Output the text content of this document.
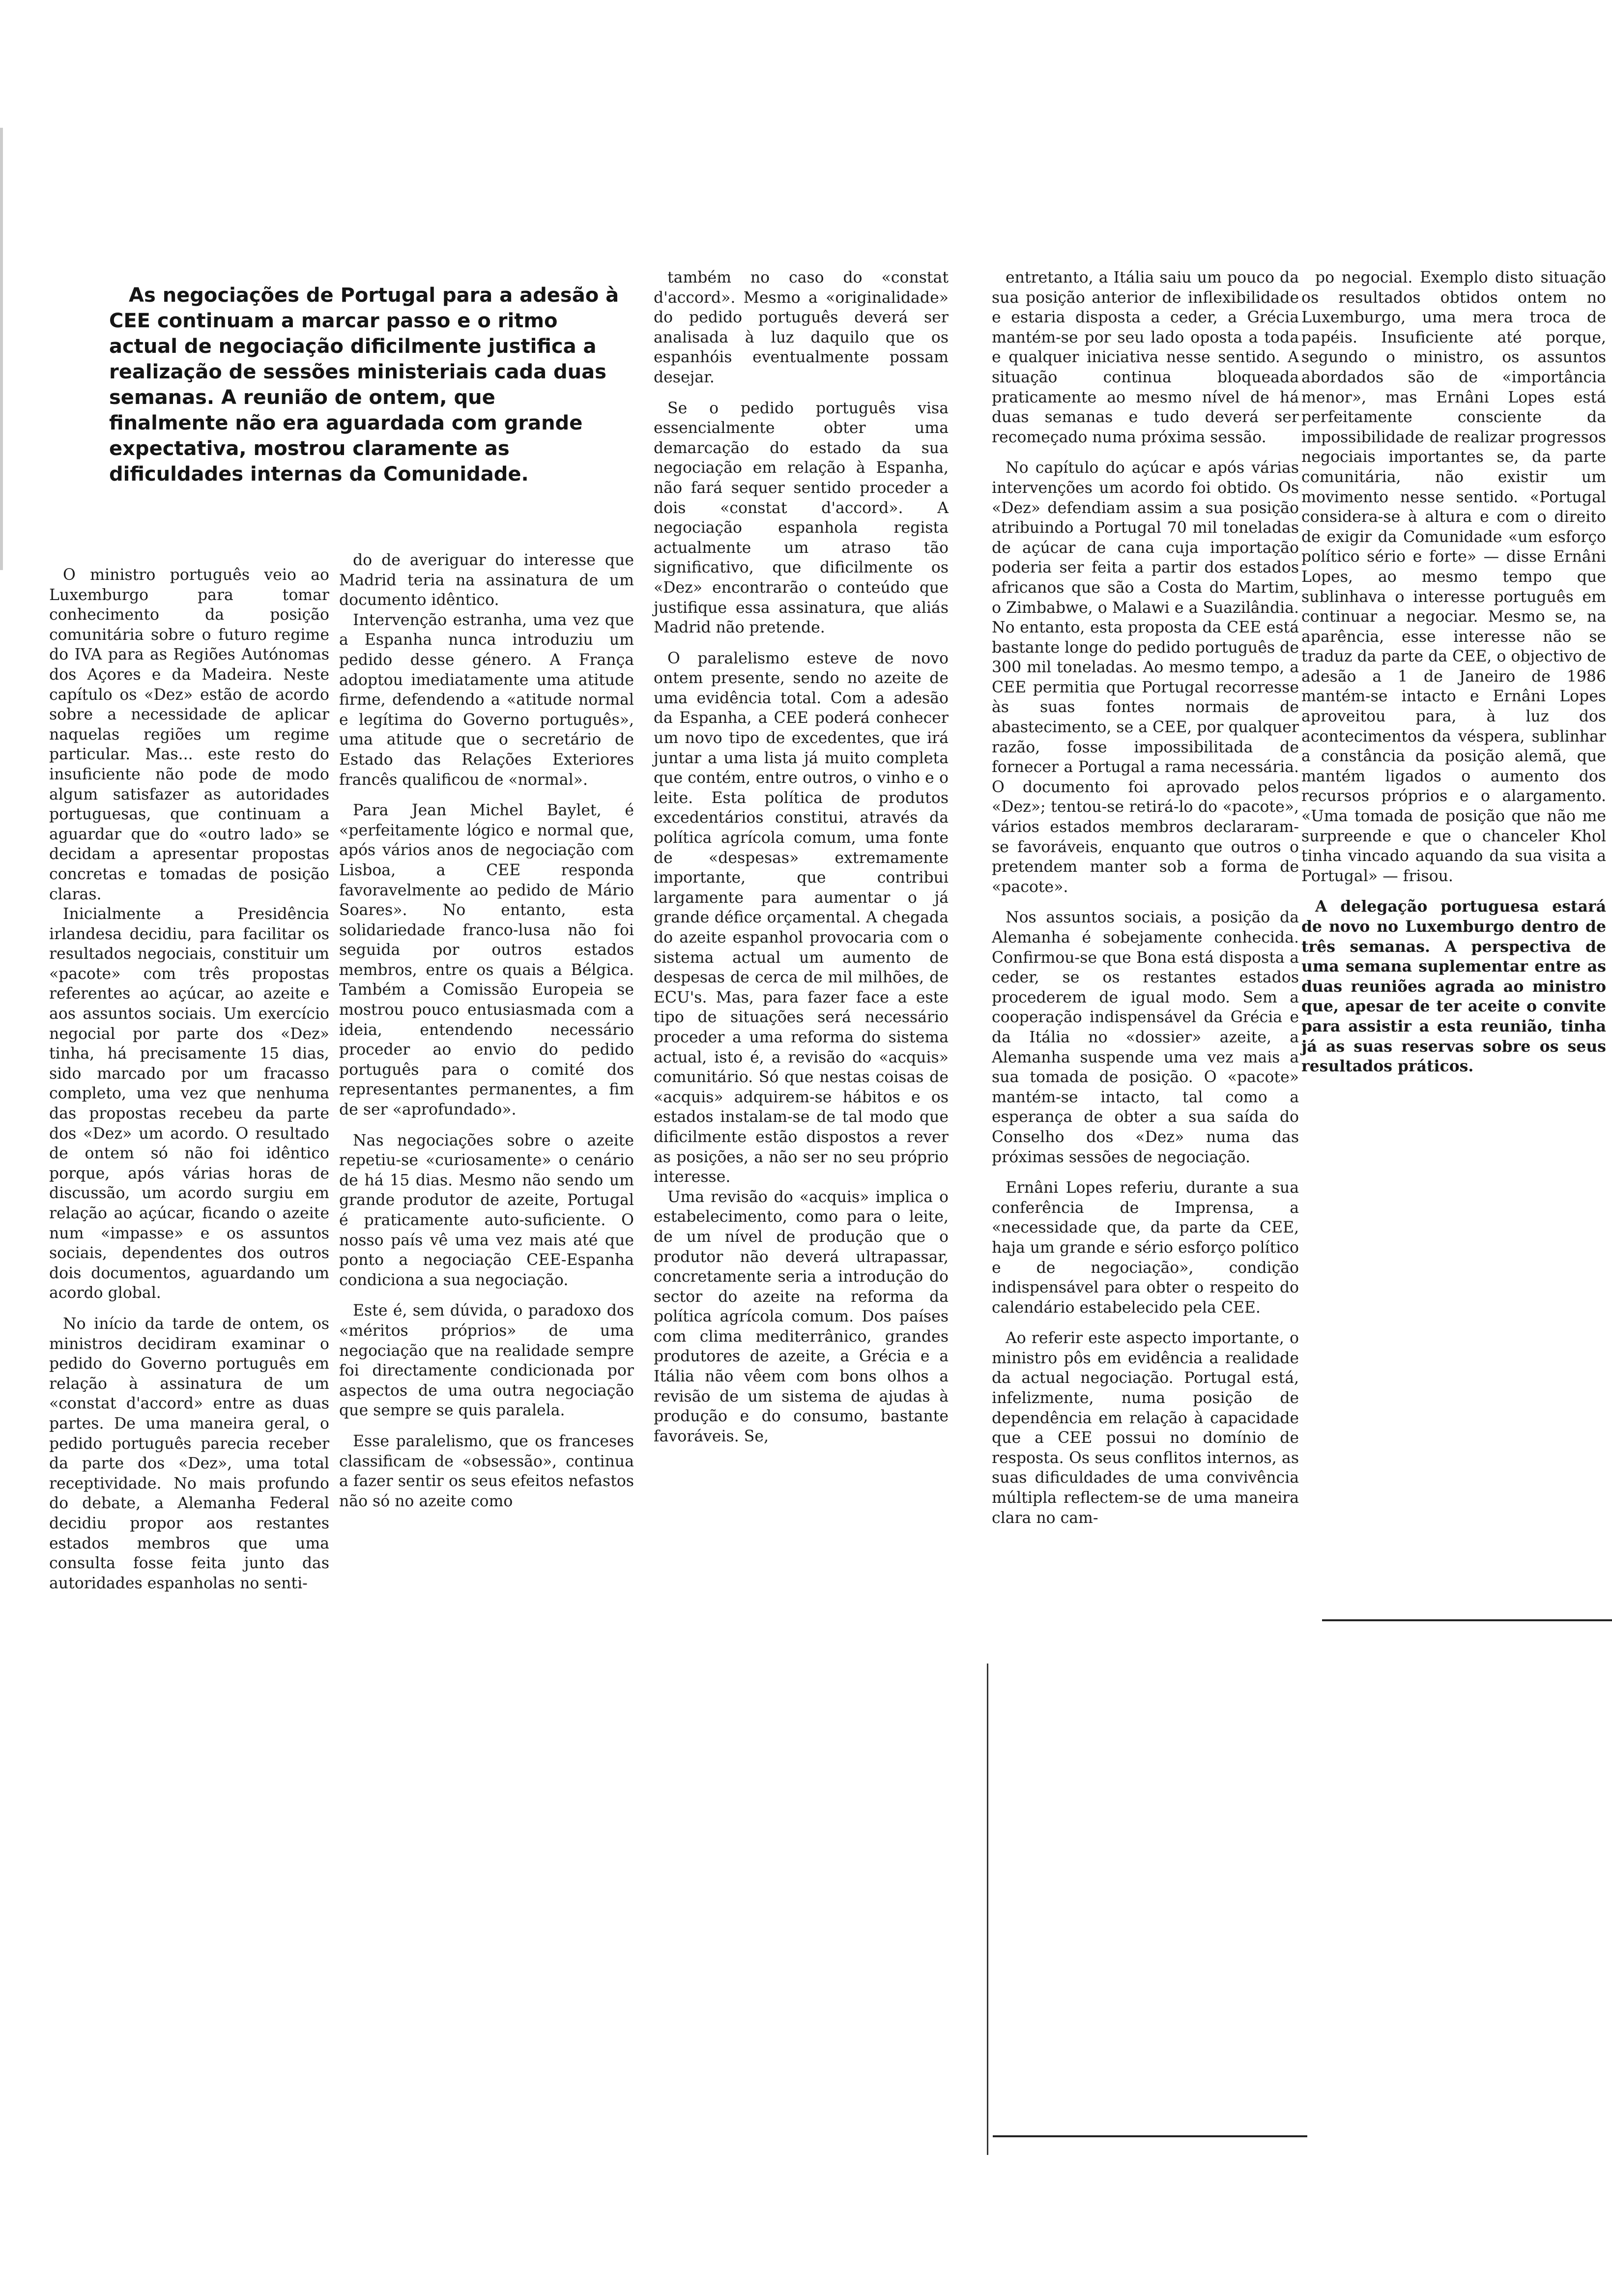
As negociações de Portugal para a adesão à CEE continuam a marcar passo e o ritmo actual de negociação dificilmente justifica a realização de sessões ministeriais cada duas semanas. A reunião de ontem, que finalmente não era aguardada com grande expectativa, mostrou claramente as dificuldades internas da Comunidade.

O ministro português veio ao Luxemburgo para tomar conhecimento da posição comunitária sobre o futuro regime do IVA para as Regiões Autónomas dos Açores e da Madeira. Neste capítulo os «Dez» estão de acordo sobre a necessidade de aplicar naquelas regiões um regime particular. Mas... este resto do insuficiente não pode de modo algum satisfazer as autoridades portuguesas, que continuam a aguardar que do «outro lado» se decidam a apresentar propostas concretas e tomadas de posição claras.

Inicialmente a Presidência irlandesa decidiu, para facilitar os resultados negociais, constituir um «pacote» com três propostas referentes ao açúcar, ao azeite e aos assuntos sociais. Um exercício negocial por parte dos «Dez» tinha, há precisamente 15 dias, sido marcado por um fracasso completo, uma vez que nenhuma das propostas recebeu da parte dos «Dez» um acordo. O resultado de ontem só não foi idêntico porque, após várias horas de discussão, um acordo surgiu em relação ao açúcar, ficando o azeite num «impasse» e os assuntos sociais, dependentes dos outros dois documentos, aguardando um acordo global.

No início da tarde de ontem, os ministros decidiram examinar o pedido do Governo português em relação à assinatura de um «constat d'accord» entre as duas partes. De uma maneira geral, o pedido português parecia receber da parte dos «Dez», uma total receptividade. No mais profundo do debate, a Alemanha Federal decidiu propor aos restantes estados membros que uma consulta fosse feita junto das autoridades espanholas no senti-

do de averiguar do interesse que Madrid teria na assinatura de um documento idêntico.

Intervenção estranha, uma vez que a Espanha nunca introduziu um pedido desse género. A França adoptou imediatamente uma atitude firme, defendendo a «atitude normal e legítima do Governo português», uma atitude que o secretário de Estado das Relações Exteriores francês qualificou de «normal».

Para Jean Michel Baylet, é «perfeitamente lógico e normal que, após vários anos de negociação com Lisboa, a CEE responda favoravelmente ao pedido de Mário Soares». No entanto, esta solidariedade franco-lusa não foi seguida por outros estados membros, entre os quais a Bélgica. Também a Comissão Europeia se mostrou pouco entusiasmada com a ideia, entendendo necessário proceder ao envio do pedido português para o comité dos representantes permanentes, a fim de ser «aprofundado».

Nas negociações sobre o azeite repetiu-se «curiosamente» o cenário de há 15 dias. Mesmo não sendo um grande produtor de azeite, Portugal é praticamente auto-suficiente. O nosso país vê uma vez mais até que ponto a negociação CEE-Espanha condiciona a sua negociação.

Este é, sem dúvida, o paradoxo dos «méritos próprios» de uma negociação que na realidade sempre foi directamente condicionada por aspectos de uma outra negociação que sempre se quis paralela.

Esse paralelismo, que os franceses classificam de «obsessão», continua a fazer sentir os seus efeitos nefastos não só no azeite como

também no caso do «constat d'accord». Mesmo a «originalidade» do pedido português deverá ser analisada à luz daquilo que os espanhóis eventualmente possam desejar.

Se o pedido português visa essencialmente obter uma demarcação do estado da sua negociação em relação à Espanha, não fará sequer sentido proceder a dois «constat d'accord». A negociação espanhola regista actualmente um atraso tão significativo, que dificilmente os «Dez» encontrarão o conteúdo que justifique essa assinatura, que aliás Madrid não pretende.

O paralelismo esteve de novo ontem presente, sendo no azeite de uma evidência total. Com a adesão da Espanha, a CEE poderá conhecer um novo tipo de excedentes, que irá juntar a uma lista já muito completa que contém, entre outros, o vinho e o leite. Esta política de produtos excedentários constitui, através da política agrícola comum, uma fonte de «despesas» extremamente importante, que contribui largamente para aumentar o já grande défice orçamental. A chegada do azeite espanhol provocaria com o sistema actual um aumento de despesas de cerca de mil milhões, de ECU's. Mas, para fazer face a este tipo de situações será necessário proceder a uma reforma do sistema actual, isto é, a revisão do «acquis» comunitário. Só que nestas coisas de «acquis» adquirem-se hábitos e os estados instalam-se de tal modo que dificilmente estão dispostos a rever as posições, a não ser no seu próprio interesse.

Uma revisão do «acquis» implica o estabelecimento, como para o leite, de um nível de produção que o produtor não deverá ultrapassar, concretamente seria a introdução do sector do azeite na reforma da política agrícola comum. Dos países com clima mediterrânico, grandes produtores de azeite, a Grécia e a Itália não vêem com bons olhos a revisão de um sistema de ajudas à produção e do consumo, bastante favoráveis. Se,

entretanto, a Itália saiu um pouco da sua posição anterior de inflexibilidade e estaria disposta a ceder, a Grécia mantém-se por seu lado oposta a toda e qualquer iniciativa nesse sentido. A situação continua bloqueada praticamente ao mesmo nível de há duas semanas e tudo deverá ser recomeçado numa próxima sessão.

No capítulo do açúcar e após várias intervenções um acordo foi obtido. Os «Dez» defendiam assim a sua posição atribuindo a Portugal 70 mil toneladas de açúcar de cana cuja importação poderia ser feita a partir dos estados africanos que são a Costa do Martim, o Zimbabwe, o Malawi e a Suazilândia. No entanto, esta proposta da CEE está bastante longe do pedido português de 300 mil toneladas. Ao mesmo tempo, a CEE permitia que Portugal recorresse às suas fontes normais de abastecimento, se a CEE, por qualquer razão, fosse impossibilitada de fornecer a Portugal a rama necessária. O documento foi aprovado pelos «Dez»; tentou-se retirá-lo do «pacote», vários estados membros declararam-se favoráveis, enquanto que outros o pretendem manter sob a forma de «pacote».

Nos assuntos sociais, a posição da Alemanha é sobejamente conhecida. Confirmou-se que Bona está disposta a ceder, se os restantes estados procederem de igual modo. Sem a cooperação indispensável da Grécia e da Itália no «dossier» azeite, a Alemanha suspende uma vez mais a sua tomada de posição. O «pacote» mantém-se intacto, tal como a esperança de obter a sua saída do Conselho dos «Dez» numa das próximas sessões de negociação.

Ernâni Lopes referiu, durante a sua conferência de Imprensa, a «necessidade que, da parte da CEE, haja um grande e sério esforço político e de negociação», condição indispensável para obter o respeito do calendário estabelecido pela CEE.

Ao referir este aspecto importante, o ministro pôs em evidência a realidade da actual negociação. Portugal está, infelizmente, numa posição de dependência em relação à capacidade que a CEE possui no domínio de resposta. Os seus conflitos internos, as suas dificuldades de uma convivência múltipla reflectem-se de uma maneira clara no cam-

po negocial. Exemplo disto situação os resultados obtidos ontem no Luxemburgo, uma mera troca de papéis. Insuficiente até porque, segundo o ministro, os assuntos abordados são de «importância menor», mas Ernâni Lopes está perfeitamente consciente da impossibilidade de realizar progressos negociais importantes se, da parte comunitária, não existir um movimento nesse sentido. «Portugal considera-se à altura e com o direito de exigir da Comunidade «um esforço político sério e forte» — disse Ernâni Lopes, ao mesmo tempo que sublinhava o interesse português em continuar a negociar. Mesmo se, na aparência, esse interesse não se traduz da parte da CEE, o objectivo de adesão a 1 de Janeiro de 1986 mantém-se intacto e Ernâni Lopes aproveitou para, à luz dos acontecimentos da véspera, sublinhar a constância da posição alemã, que mantém ligados o aumento dos recursos próprios e o alargamento. «Uma tomada de posição que não me surpreende e que o chanceler Khol tinha vincado aquando da sua visita a Portugal» — frisou.

A delegação portuguesa estará de novo no Luxemburgo dentro de três semanas. A perspectiva de uma semana suplementar entre as duas reuniões agrada ao ministro que, apesar de ter aceite o convite para assistir a esta reunião, tinha já as suas reservas sobre os seus resultados práticos.
